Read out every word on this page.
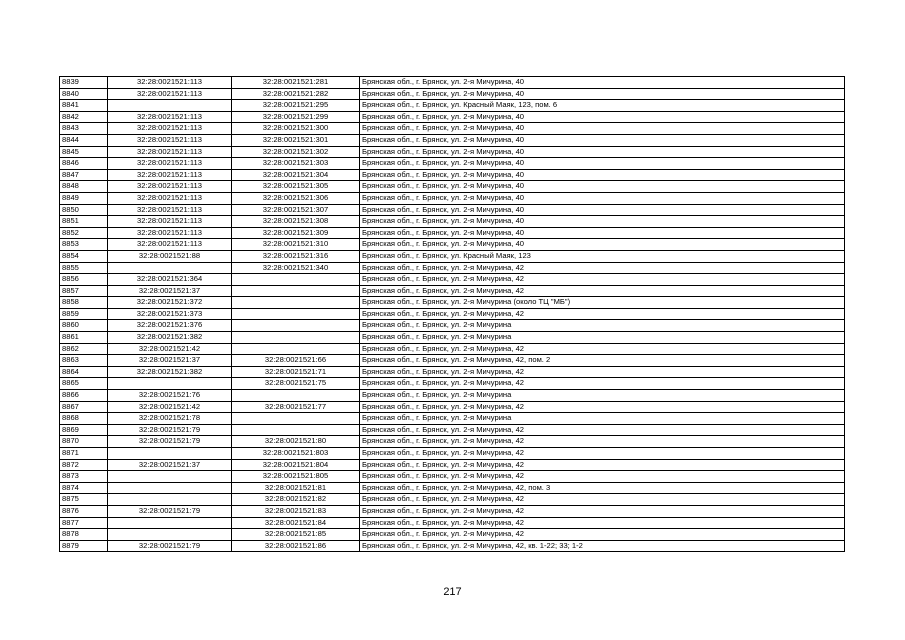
8839	32:28:0021521:113	32:28:0021521:281	Брянская обл., г. Брянск, ул. 2-я Мичурина, 40
8840	32:28:0021521:113	32:28:0021521:282	Брянская обл., г. Брянск, ул. 2-я Мичурина, 40
8841		32:28:0021521:295	Брянская обл., г. Брянск, ул. Красный Маяк, 123, пом. 6
8842	32:28:0021521:113	32:28:0021521:299	Брянская обл., г. Брянск, ул. 2-я Мичурина, 40
8843	32:28:0021521:113	32:28:0021521:300	Брянская обл., г. Брянск, ул. 2-я Мичурина, 40
8844	32:28:0021521:113	32:28:0021521:301	Брянская обл., г. Брянск, ул. 2-я Мичурина, 40
8845	32:28:0021521:113	32:28:0021521:302	Брянская обл., г. Брянск, ул. 2-я Мичурина, 40
8846	32:28:0021521:113	32:28:0021521:303	Брянская обл., г. Брянск, ул. 2-я Мичурина, 40
8847	32:28:0021521:113	32:28:0021521:304	Брянская обл., г. Брянск, ул. 2-я Мичурина, 40
8848	32:28:0021521:113	32:28:0021521:305	Брянская обл., г. Брянск, ул. 2-я Мичурина, 40
8849	32:28:0021521:113	32:28:0021521:306	Брянская обл., г. Брянск, ул. 2-я Мичурина, 40
8850	32:28:0021521:113	32:28:0021521:307	Брянская обл., г. Брянск, ул. 2-я Мичурина, 40
8851	32:28:0021521:113	32:28:0021521:308	Брянская обл., г. Брянск, ул. 2-я Мичурина, 40
8852	32:28:0021521:113	32:28:0021521:309	Брянская обл., г. Брянск, ул. 2-я Мичурина, 40
8853	32:28:0021521:113	32:28:0021521:310	Брянская обл., г. Брянск, ул. 2-я Мичурина, 40
8854	32:28:0021521:88	32:28:0021521:316	Брянская обл., г. Брянск, ул. Красный Маяк, 123
8855		32:28:0021521:340	Брянская обл., г. Брянск, ул. 2-я Мичурина, 42
8856	32:28:0021521:364		Брянская обл., г. Брянск, ул. 2-я Мичурина, 42
8857	32:28:0021521:37		Брянская обл., г. Брянск, ул. 2-я Мичурина, 42
8858	32:28:0021521:372		Брянская обл., г. Брянск, ул. 2-я Мичурина (около ТЦ "МБ")
8859	32:28:0021521:373		Брянская обл., г. Брянск, ул. 2-я Мичурина, 42
8860	32:28:0021521:376		Брянская обл., г. Брянск, ул. 2-я Мичурина
8861	32:28:0021521:382		Брянская обл., г. Брянск, ул. 2-я Мичурина
8862	32:28:0021521:42		Брянская обл., г. Брянск, ул. 2-я Мичурина, 42
8863	32:28:0021521:37	32:28:0021521:66	Брянская обл., г. Брянск, ул. 2-я Мичурина, 42, пом. 2
8864	32:28:0021521:382	32:28:0021521:71	Брянская обл., г. Брянск, ул. 2-я Мичурина, 42
8865		32:28:0021521:75	Брянская обл., г. Брянск, ул. 2-я Мичурина, 42
8866	32:28:0021521:76		Брянская обл., г. Брянск, ул. 2-я Мичурина
8867	32:28:0021521:42	32:28:0021521:77	Брянская обл., г. Брянск, ул. 2-я Мичурина, 42
8868	32:28:0021521:78		Брянская обл., г. Брянск, ул. 2-я Мичурина
8869	32:28:0021521:79		Брянская обл., г. Брянск, ул. 2-я Мичурина, 42
8870	32:28:0021521:79	32:28:0021521:80	Брянская обл., г. Брянск, ул. 2-я Мичурина, 42
8871		32:28:0021521:803	Брянская обл., г. Брянск, ул. 2-я Мичурина, 42
8872	32:28:0021521:37	32:28:0021521:804	Брянская обл., г. Брянск, ул. 2-я Мичурина, 42
8873		32:28:0021521:805	Брянская обл., г. Брянск, ул. 2-я Мичурина, 42
8874		32:28:0021521:81	Брянская обл., г. Брянск, ул. 2-я Мичурина, 42, пом. 3
8875		32:28:0021521:82	Брянская обл., г. Брянск, ул. 2-я Мичурина, 42
8876	32:28:0021521:79	32:28:0021521:83	Брянская обл., г. Брянск, ул. 2-я Мичурина, 42
8877		32:28:0021521:84	Брянская обл., г. Брянск, ул. 2-я Мичурина, 42
8878		32:28:0021521:85	Брянская обл., г. Брянск, ул. 2-я Мичурина, 42
8879	32:28:0021521:79	32:28:0021521:86	Брянская обл., г. Брянск, ул. 2-я Мичурина, 42, кв. 1-22; 33; 1-2
217
